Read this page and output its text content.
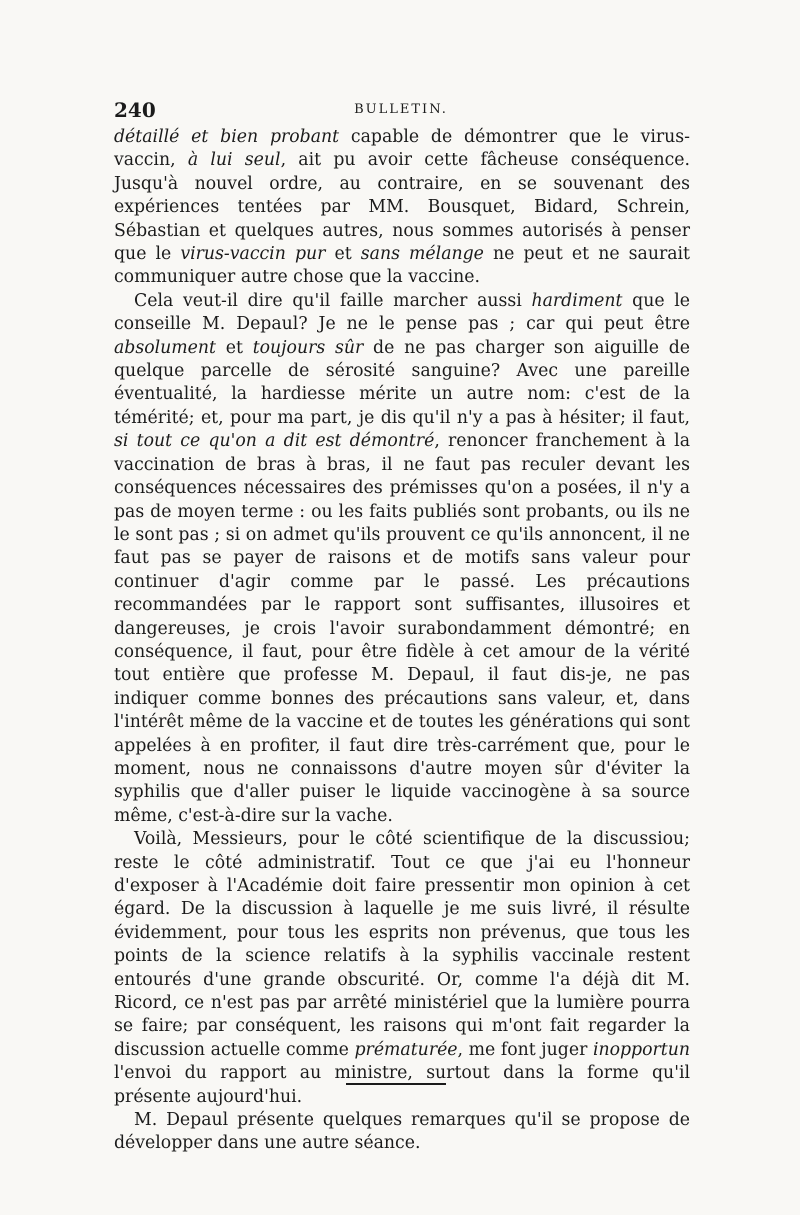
240	BULLETIN.

détaillé et bien probant capable de démontrer que le virus-vaccin, à lui seul, ait pu avoir cette fâcheuse conséquence. Jusqu'à nouvel ordre, au contraire, en se souvenant des expériences tentées par MM. Bousquet, Bidard, Schrein, Sébastian et quelques autres, nous sommes autorisés à penser que le virus-vaccin pur et sans mélange ne peut et ne saurait communiquer autre chose que la vaccine.

Cela veut-il dire qu'il faille marcher aussi hardiment que le conseille M. Depaul? Je ne le pense pas ; car qui peut être absolument et toujours sûr de ne pas charger son aiguille de quelque parcelle de sérosité sanguine? Avec une pareille éventualité, la hardiesse mérite un autre nom: c'est de la témérité; et, pour ma part, je dis qu'il n'y a pas à hésiter; il faut, si tout ce qu'on a dit est démontré, renoncer franchement à la vaccination de bras à bras, il ne faut pas reculer devant les conséquences nécessaires des prémisses qu'on a posées, il n'y a pas de moyen terme : ou les faits publiés sont probants, ou ils ne le sont pas ; si on admet qu'ils prouvent ce qu'ils annoncent, il ne faut pas se payer de raisons et de motifs sans valeur pour continuer d'agir comme par le passé. Les précautions recommandées par le rapport sont suffisantes, illusoires et dangereuses, je crois l'avoir surabondamment démontré; en conséquence, il faut, pour être fidèle à cet amour de la vérité tout entière que professe M. Depaul, il faut dis-je, ne pas indiquer comme bonnes des précautions sans valeur, et, dans l'intérêt même de la vaccine et de toutes les générations qui sont appelées à en profiter, il faut dire très-carrément que, pour le moment, nous ne connaissons d'autre moyen sûr d'éviter la syphilis que d'aller puiser le liquide vaccinogène à sa source même, c'est-à-dire sur la vache.

Voilà, Messieurs, pour le côté scientifique de la discussiou; reste le côté administratif. Tout ce que j'ai eu l'honneur d'exposer à l'Académie doit faire pressentir mon opinion à cet égard. De la discussion à laquelle je me suis livré, il résulte évidemment, pour tous les esprits non prévenus, que tous les points de la science relatifs à la syphilis vaccinale restent entourés d'une grande obscurité. Or, comme l'a déjà dit M. Ricord, ce n'est pas par arrêté ministériel que la lumière pourra se faire; par conséquent, les raisons qui m'ont fait regarder la discussion actuelle comme prématurée, me font juger inopportun l'envoi du rapport au ministre, surtout dans la forme qu'il présente aujourd'hui.

M. Depaul présente quelques remarques qu'il se propose de développer dans une autre séance.
